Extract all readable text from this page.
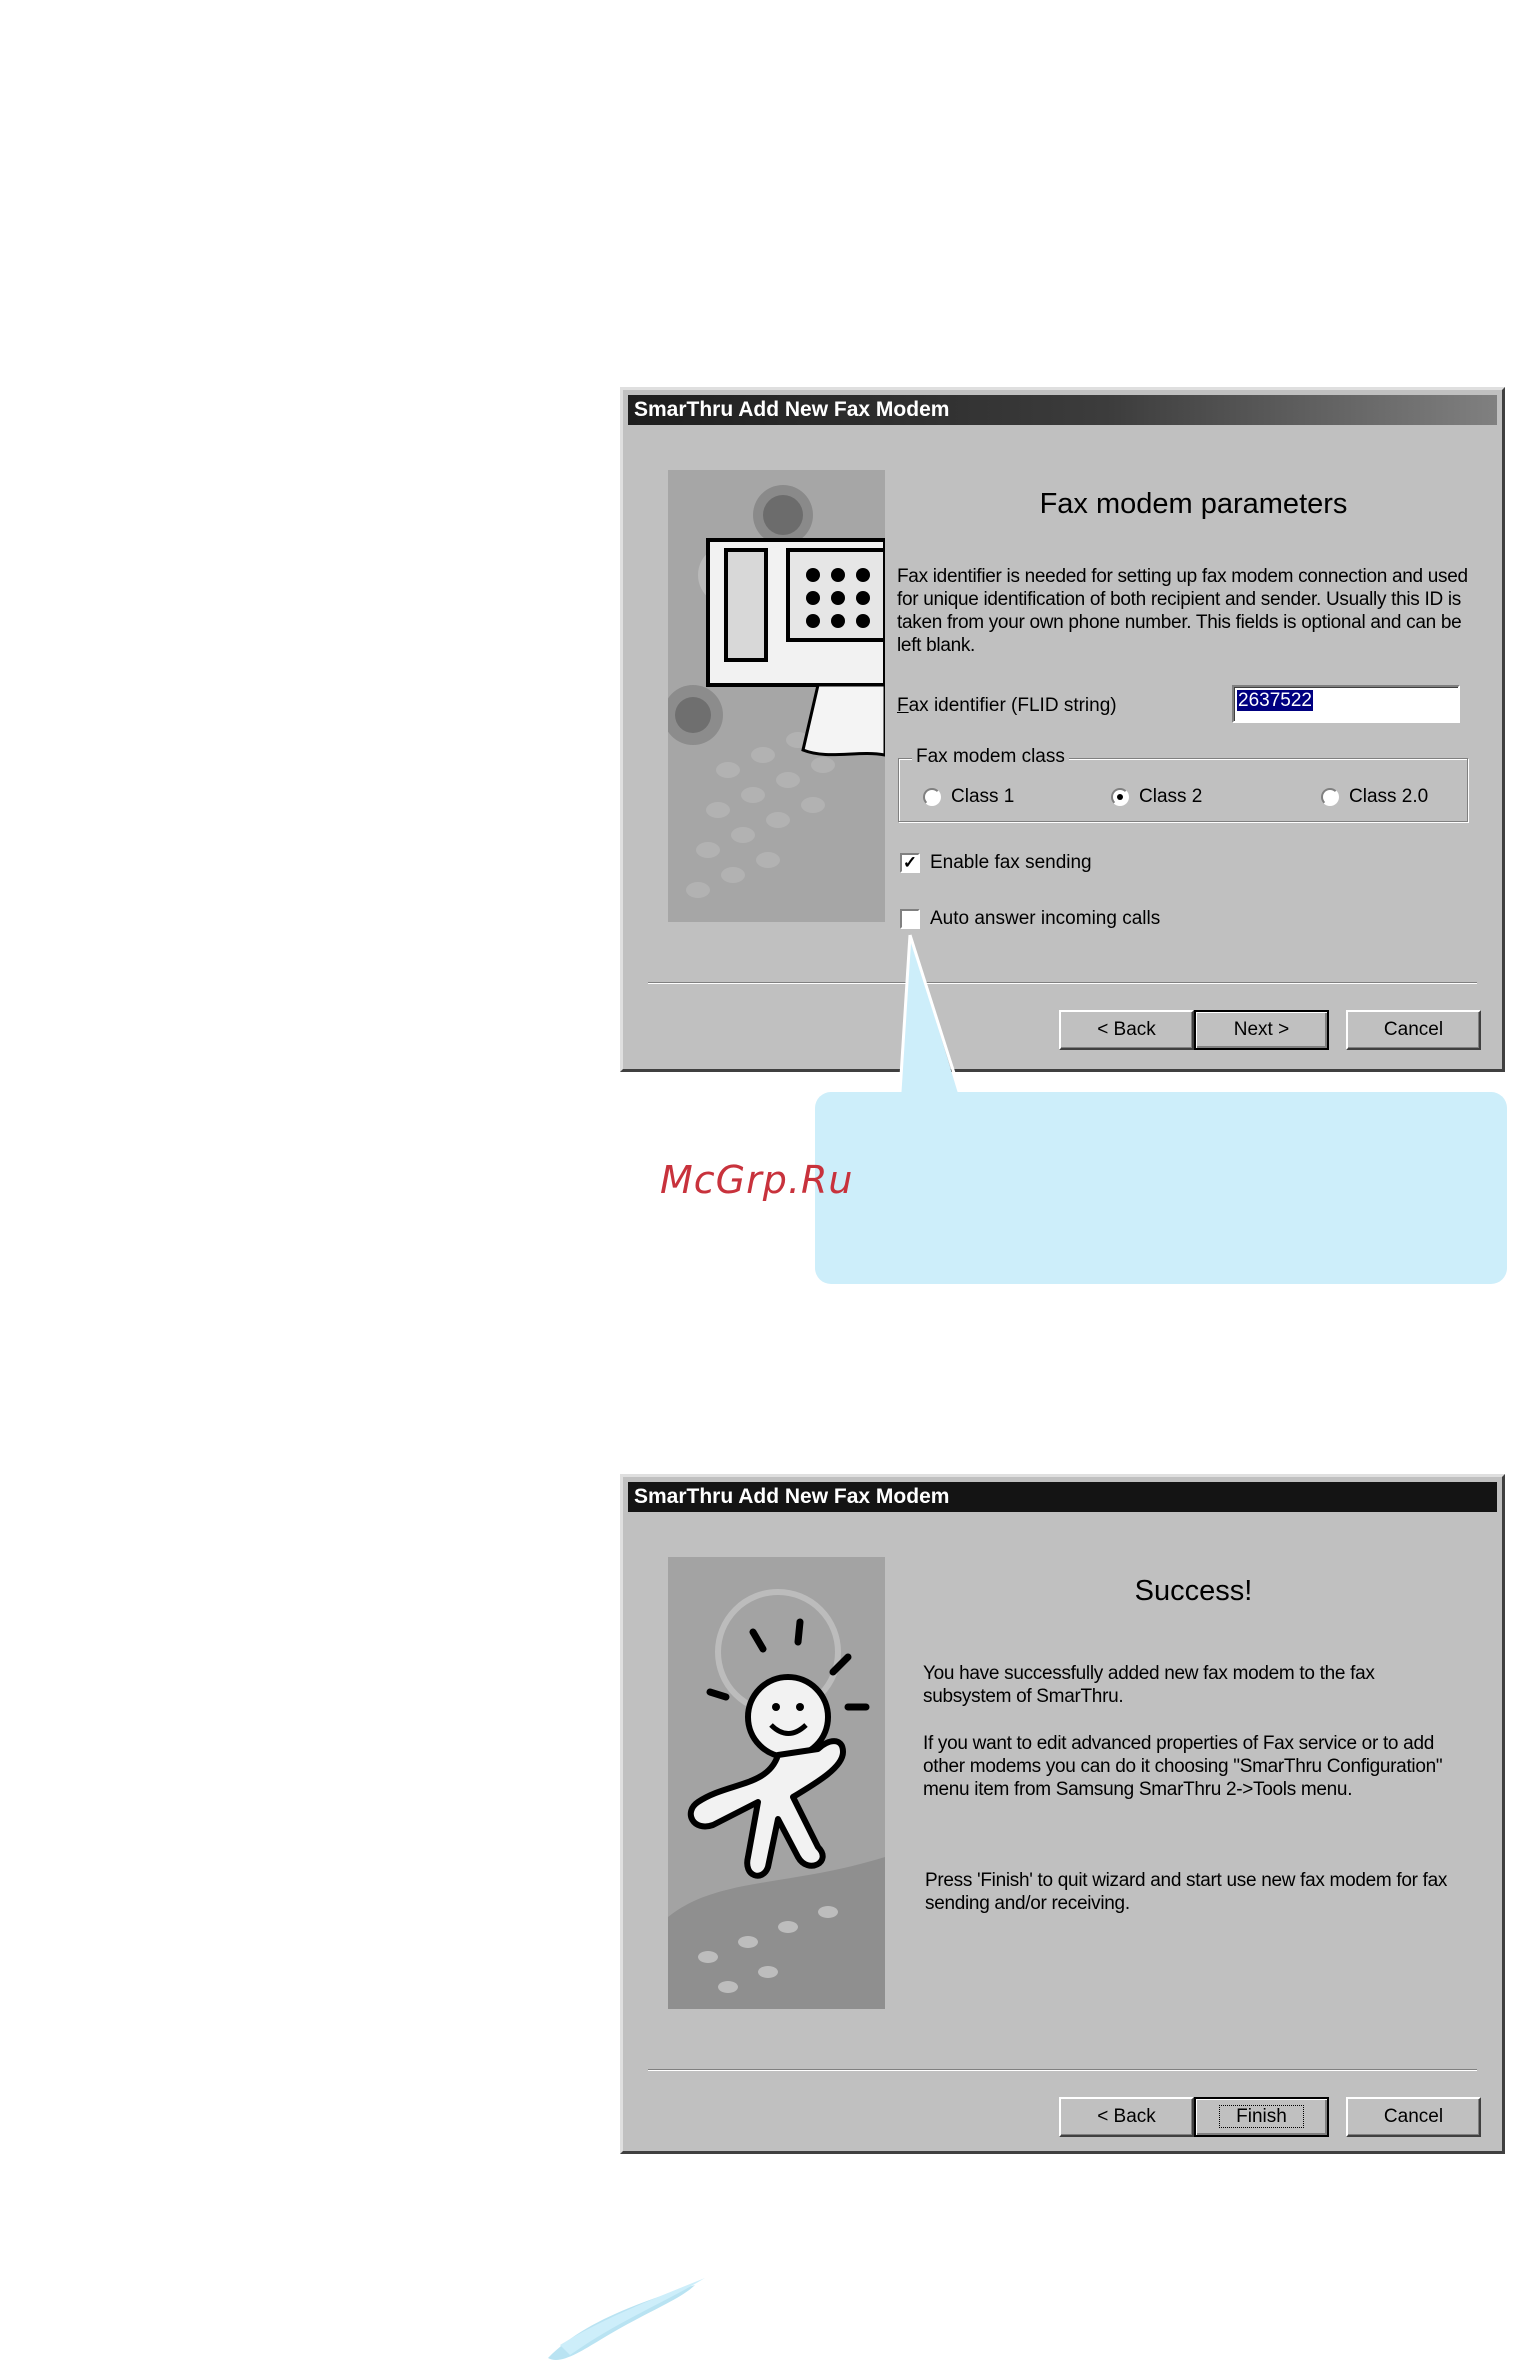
SmarThru Add New Fax Modem
Fax modem parameters
Fax identifier is needed for setting up fax modem connection and used for unique identification of both recipient and sender. Usually this ID is taken from your own phone number. This fields is optional and can be left blank.
Fax identifier (FLID string)	2637522
Fax modem class
Class 1	Class 2	Class 2.0
✓ Enable fax sending
Auto answer incoming calls
< Back	Next >	Cancel
McGrp.Ru
SmarThru Add New Fax Modem
Success!
You have successfully added new fax modem to the fax subsystem of SmarThru.
If you want to edit advanced properties of Fax service or to add other modems you can do it choosing "SmarThru Configuration" menu item from Samsung SmarThru 2->Tools menu.
Press 'Finish' to quit wizard and start use new fax modem for fax sending and/or receiving.
< Back	Finish	Cancel
